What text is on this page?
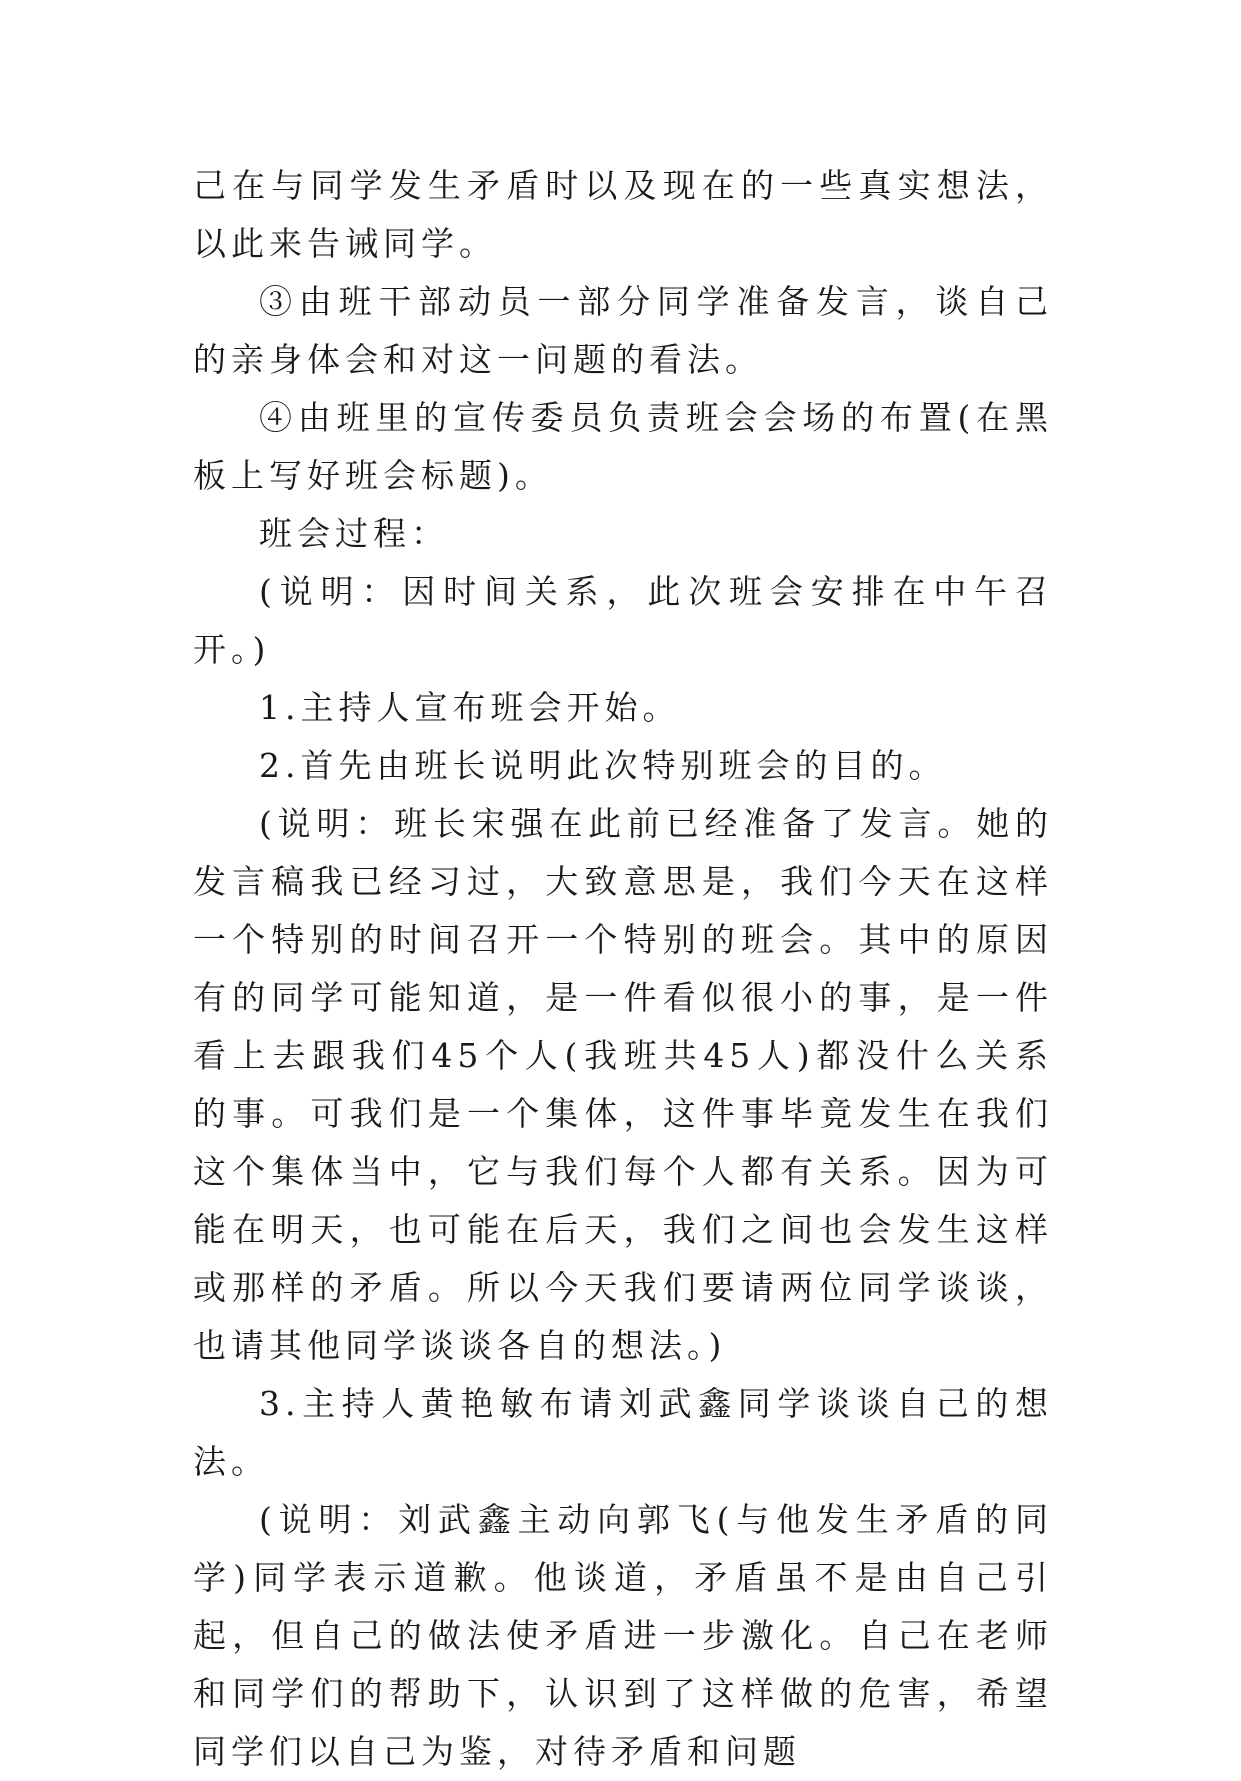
己在与同学发生矛盾时以及现在的一些真实想法，以此来告诫同学。

③由班干部动员一部分同学准备发言，谈自己的亲身体会和对这一问题的看法。

④由班里的宣传委员负责班会会场的布置(在黑板上写好班会标题)。

班会过程：

(说明：因时间关系，此次班会安排在中午召开。)

1.主持人宣布班会开始。

2.首先由班长说明此次特别班会的目的。

(说明：班长宋强在此前已经准备了发言。她的发言稿我已经习过，大致意思是，我们今天在这样一个特别的时间召开一个特别的班会。其中的原因有的同学可能知道，是一件看似很小的事，是一件看上去跟我们45个人(我班共45人)都没什么关系的事。可我们是一个集体，这件事毕竟发生在我们这个集体当中，它与我们每个人都有关系。因为可能在明天，也可能在后天，我们之间也会发生这样或那样的矛盾。所以今天我们要请两位同学谈谈，也请其他同学谈谈各自的想法。)

3.主持人黄艳敏布请刘武鑫同学谈谈自己的想法。

(说明：刘武鑫主动向郭飞(与他发生矛盾的同学)同学表示道歉。他谈道，矛盾虽不是由自己引起，但自己的做法使矛盾进一步激化。自己在老师和同学们的帮助下，认识到了这样做的危害，希望同学们以自己为鉴，对待矛盾和问题
